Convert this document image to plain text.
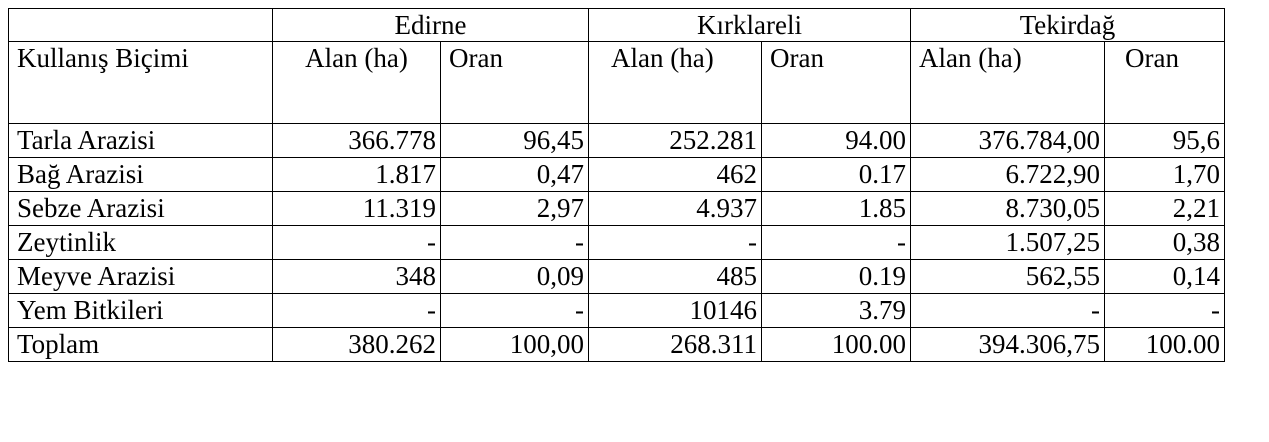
	Edirne		Kırklareli		Tekirdağ	
Kullanış Biçimi	Alan (ha)	Oran	Alan (ha)	Oran	Alan (ha)	Oran
Tarla Arazisi	366.778	96,45	252.281	94.00	376.784,00	95,6
Bağ Arazisi	1.817	0,47	462	0.17	6.722,90	1,70
Sebze Arazisi	11.319	2,97	4.937	1.85	8.730,05	2,21
Zeytinlik	-	-	-	-	1.507,25	0,38
Meyve Arazisi	348	0,09	485	0.19	562,55	0,14
Yem Bitkileri	-	-	10146	3.79	-	-
Toplam	380.262	100,00	268.311	100.00	394.306,75	100.00
